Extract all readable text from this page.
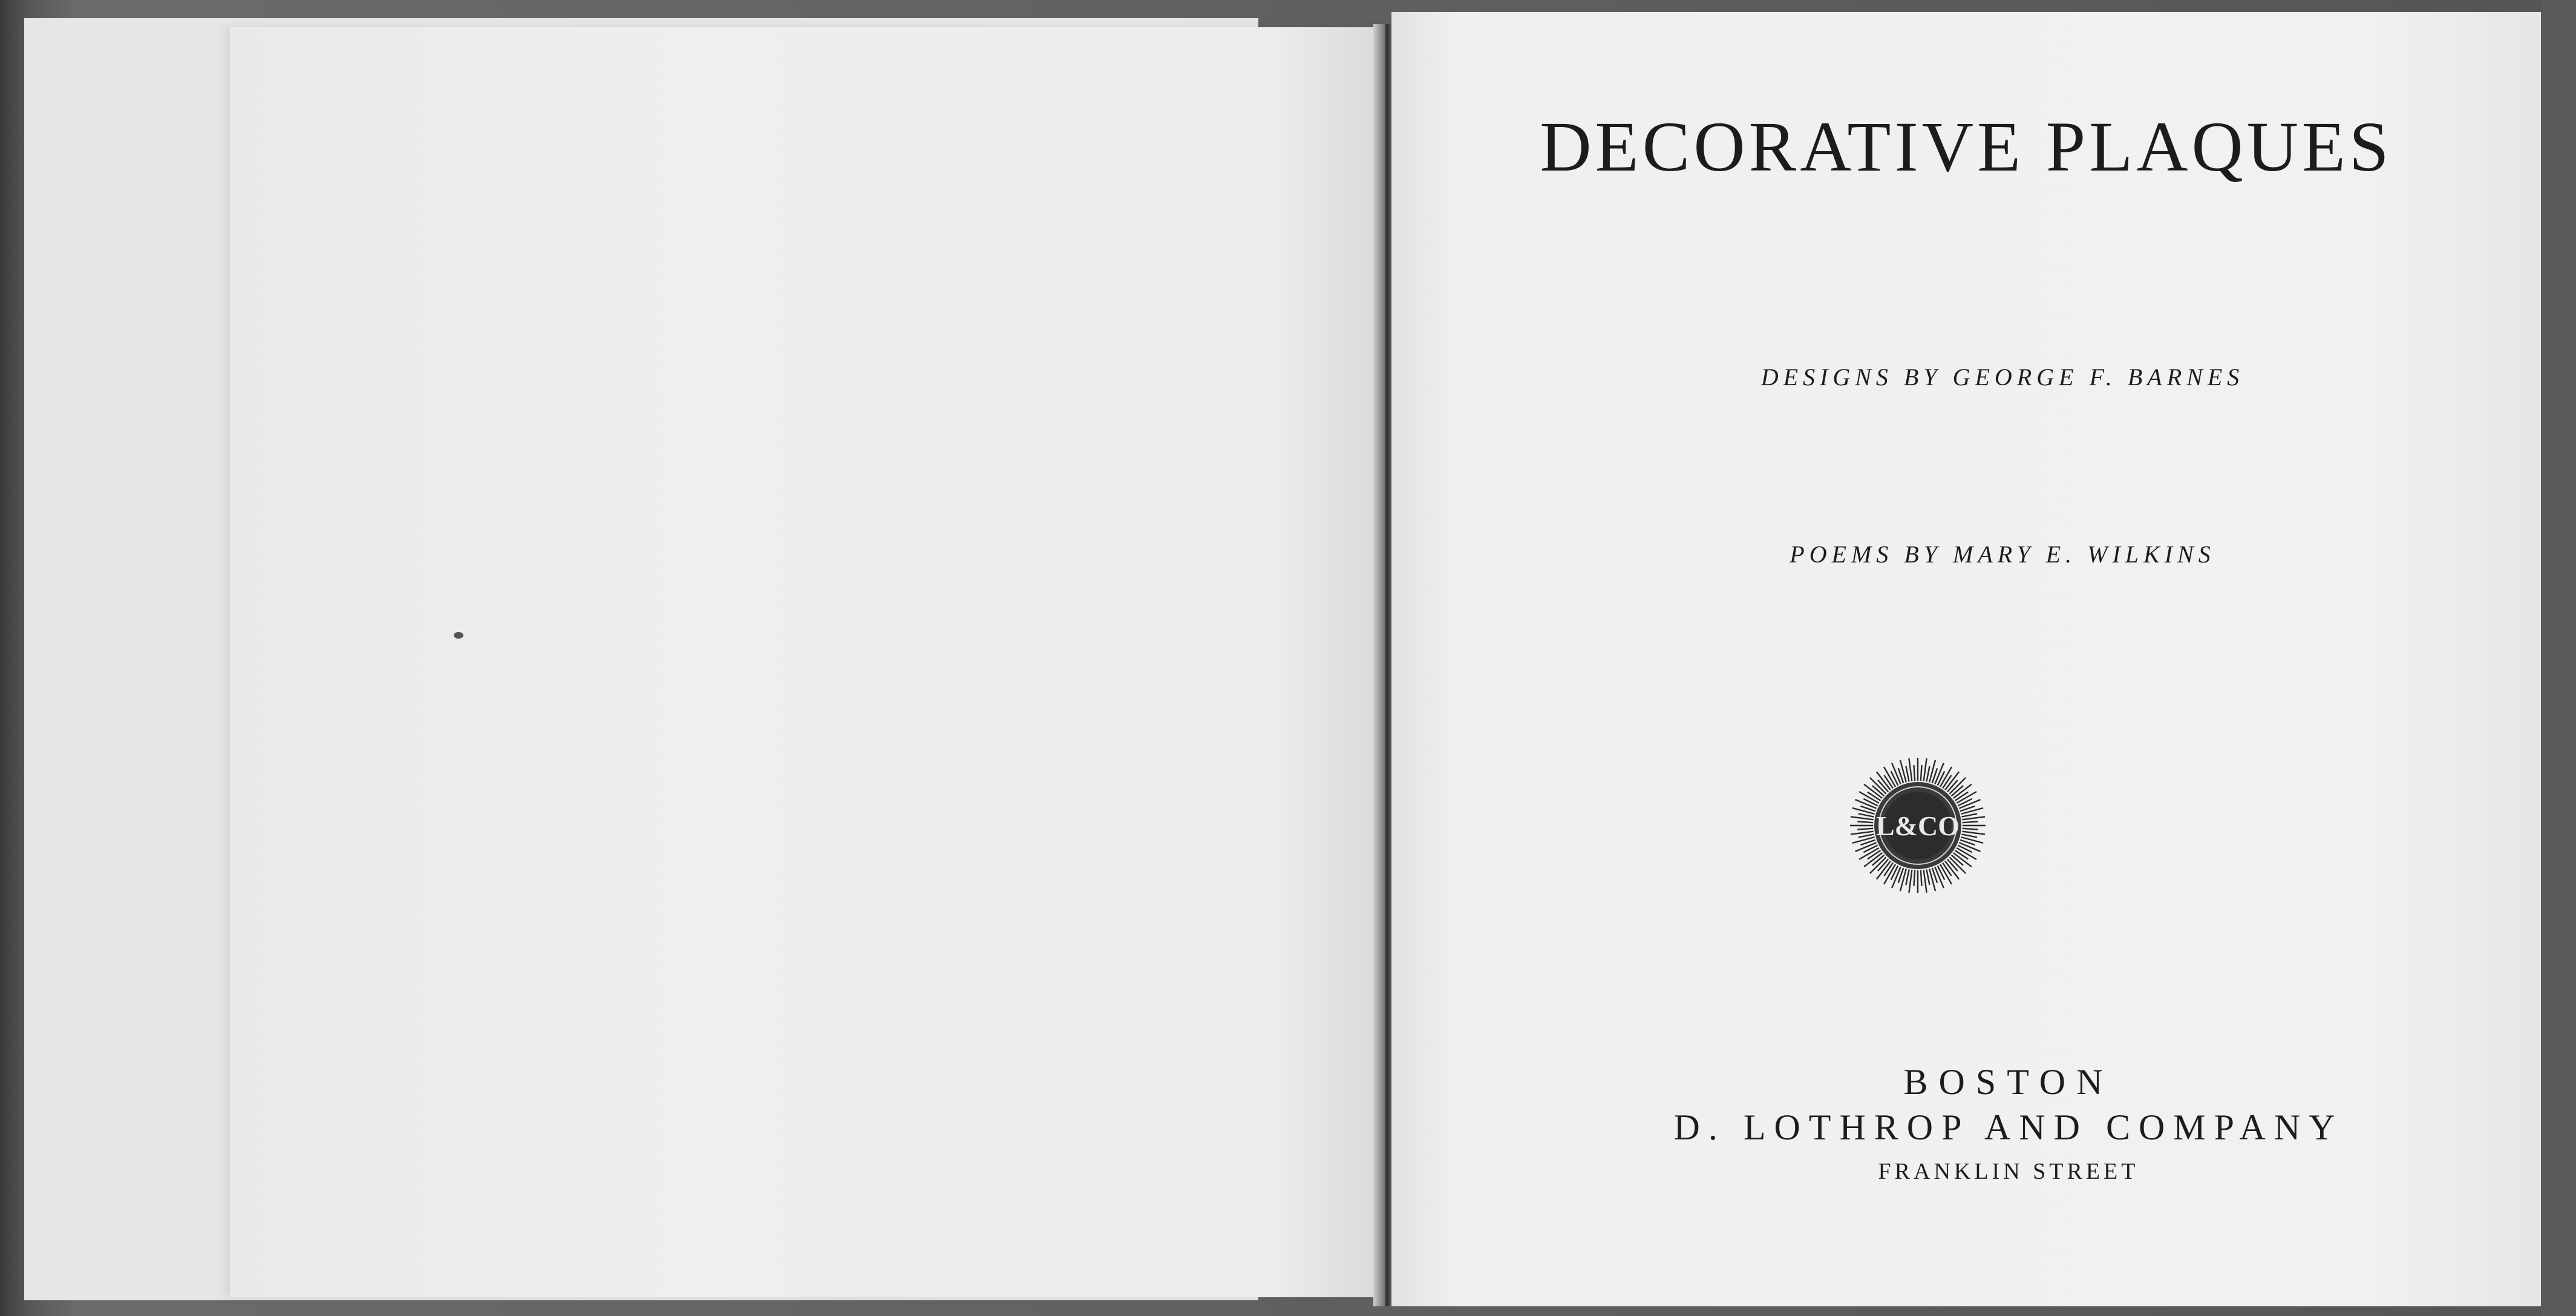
DECORATIVE PLAQUES
DESIGNS BY GEORGE F. BARNES
POEMS BY MARY E. WILKINS
L&CO
BOSTON
D. LOTHROP AND COMPANY
FRANKLIN STREET
